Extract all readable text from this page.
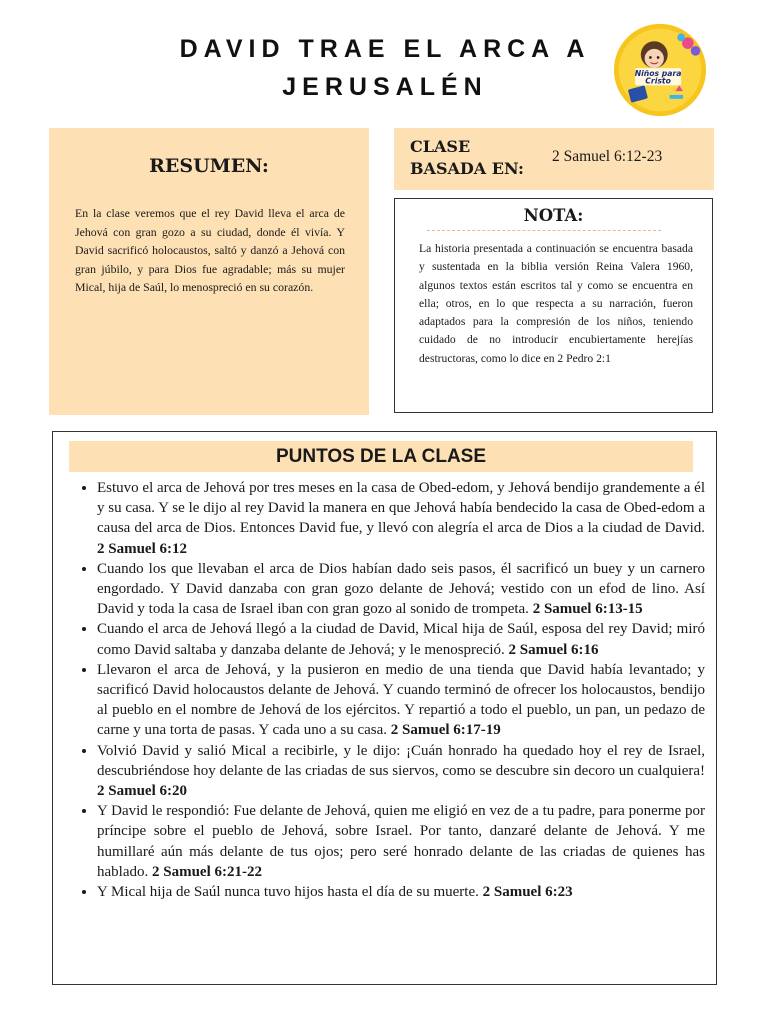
DAVID TRAE EL ARCA A JERUSALÉN	Niños para
Cristo
RESUMEN:

En la clase veremos que el rey David lleva el arca de Jehová con gran gozo a su ciudad, donde él vivía. Y David sacrificó holocaustos, saltó y danzó a Jehová con gran júbilo, y para Dios fue agradable; más su mujer Mical, hija de Saúl, lo menospreció en su corazón.

CLASE BASADA EN:
2 Samuel 6:12-23
NOTA:

La historia presentada a continuación se encuentra basada y sustentada en la biblia versión Reina Valera 1960, algunos textos están escritos tal y como se encuentra en ella; otros, en lo que respecta a su narración, fueron adaptados para la compresión de los niños, teniendo cuidado de no introducir encubiertamente herejías destructoras, como lo dice en 2 Pedro 2:1

PUNTOS DE LA CLASE
• Estuvo el arca de Jehová por tres meses en la casa de Obed-edom, y Jehová bendijo grandemente a él y su casa. Y se le dijo al rey David la manera en que Jehová había bendecido la casa de Obed-edom a causa del arca de Dios. Entonces David fue, y llevó con alegría el arca de Dios a la ciudad de David. 2 Samuel 6:12
• Cuando los que llevaban el arca de Dios habían dado seis pasos, él sacrificó un buey y un carnero engordado. Y David danzaba con gran gozo delante de Jehová; vestido con un efod de lino. Así David y toda la casa de Israel iban con gran gozo al sonido de trompeta. 2 Samuel 6:13-15
• Cuando el arca de Jehová llegó a la ciudad de David, Mical hija de Saúl, esposa del rey David; miró como David saltaba y danzaba delante de Jehová; y le menospreció. 2 Samuel 6:16
• Llevaron el arca de Jehová, y la pusieron en medio de una tienda que David había levantado; y sacrificó David holocaustos delante de Jehová. Y cuando terminó de ofrecer los holocaustos, bendijo al pueblo en el nombre de Jehová de los ejércitos. Y repartió a todo el pueblo, un pan, un pedazo de carne y una torta de pasas. Y cada uno a su casa. 2 Samuel 6:17-19
• Volvió David y salió Mical a recibirle, y le dijo: ¡Cuán honrado ha quedado hoy el rey de Israel, descubriéndose hoy delante de las criadas de sus siervos, como se descubre sin decoro un cualquiera! 2 Samuel 6:20
• Y David le respondió: Fue delante de Jehová, quien me eligió en vez de a tu padre, para ponerme por príncipe sobre el pueblo de Jehová, sobre Israel. Por tanto, danzaré delante de Jehová. Y me humillaré aún más delante de tus ojos; pero seré honrado delante de las criadas de quienes has hablado. 2 Samuel 6:21-22
• Y Mical hija de Saúl nunca tuvo hijos hasta el día de su muerte. 2 Samuel 6:23
